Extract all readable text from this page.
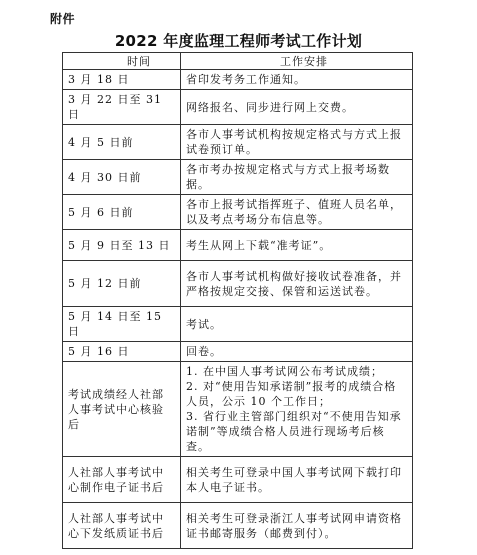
附件
2022 年度监理工程师考试工作计划
时间	工作安排
3 月 18 日	省印发考务工作通知。
3 月 22 日至 31 日	网络报名、同步进行网上交费。
4 月 5 日前	各市人事考试机构按规定格式与方式上报试卷预订单。
4 月 30 日前	各市考办按规定格式与方式上报考场数据。
5 月 6 日前	各市上报考试指挥班子、值班人员名单，以及考点考场分布信息等。
5 月 9 日至 13 日	考生从网上下载“准考证”。
5 月 12 日前	各市人事考试机构做好接收试卷准备，并严格按规定交接、保管和运送试卷。
5 月 14 日至 15 日	考试。
5 月 16 日	回卷。
考试成绩经人社部人事考试中心核验后	1. 在中国人事考试网公布考试成绩；
2. 对“使用告知承诺制”报考的成绩合格人员，公示 10 个工作日；
3. 省行业主管部门组织对“不使用告知承诺制”等成绩合格人员进行现场考后核查。
人社部人事考试中心制作电子证书后	相关考生可登录中国人事考试网下载打印本人电子证书。
人社部人事考试中心下发纸质证书后	相关考生可登录浙江人事考试网申请资格证书邮寄服务（邮费到付）。
